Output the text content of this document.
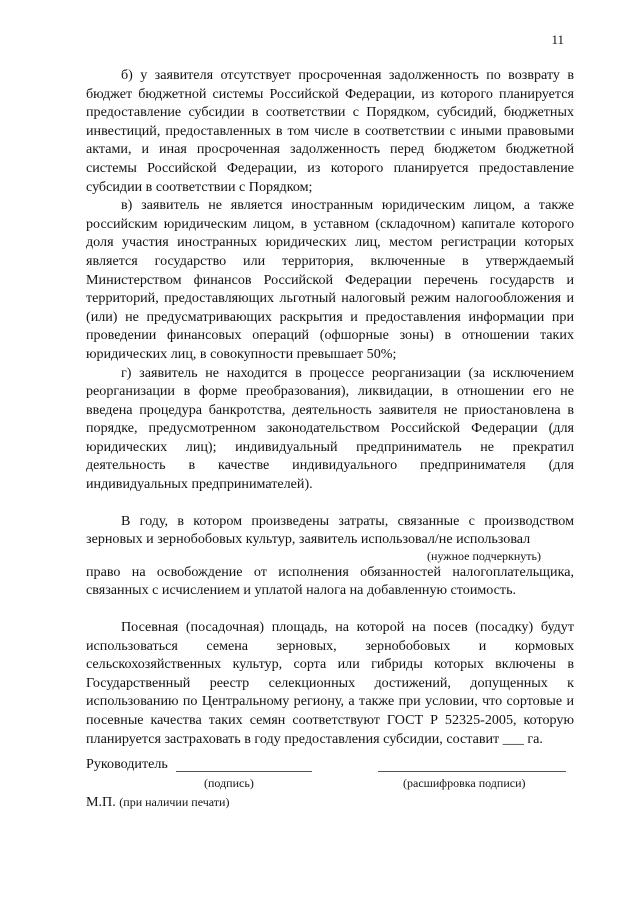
11

б) у заявителя отсутствует просроченная задолженность по возврату в бюджет бюджетной системы Российской Федерации, из которого планируется предоставление субсидии в соответствии с Порядком, субсидий, бюджетных инвестиций, предоставленных в том числе в соответствии с иными правовыми актами, и иная просроченная задолженность перед бюджетом бюджетной системы Российской Федерации, из которого планируется предоставление субсидии в соответствии с Порядком;

в) заявитель не является иностранным юридическим лицом, а также российским юридическим лицом, в уставном (складочном) капитале которого доля участия иностранных юридических лиц, местом регистрации которых является государство или территория, включенные в утверждаемый Министерством финансов Российской Федерации перечень государств и территорий, предоставляющих льготный налоговый режим налогообложения и (или) не предусматривающих раскрытия и предоставления информации при проведении финансовых операций (офшорные зоны) в отношении таких юридических лиц, в совокупности превышает 50%;

г) заявитель не находится в процессе реорганизации (за исключением реорганизации в форме преобразования), ликвидации, в отношении его не введена процедура банкротства, деятельность заявителя не приостановлена в порядке, предусмотренном законодательством Российской Федерации (для юридических лиц); индивидуальный предприниматель не прекратил деятельность в качестве индивидуального предпринимателя (для индивидуальных предпринимателей).

В году, в котором произведены затраты, связанные с производством зерновых и зернобобовых культур, заявитель использовал/не использовал

(нужное подчеркнуть)

право на освобождение от исполнения обязанностей налогоплательщика, связанных с исчислением и уплатой налога на добавленную стоимость.

Посевная (посадочная) площадь, на которой на посев (посадку) будут использоваться семена зерновых, зернобобовых и кормовых сельскохозяйственных культур, сорта или гибриды которых включены в Государственный реестр селекционных достижений, допущенных к использованию по Центральному региону, а также при условии, что сортовые и посевные качества таких семян соответствуют ГОСТ Р 52325-2005, которую планируется застраховать в году предоставления субсидии, составит ___ га.

Руководитель
(подпись)	(расшифровка подписи)
М.П. (при наличии печати)
